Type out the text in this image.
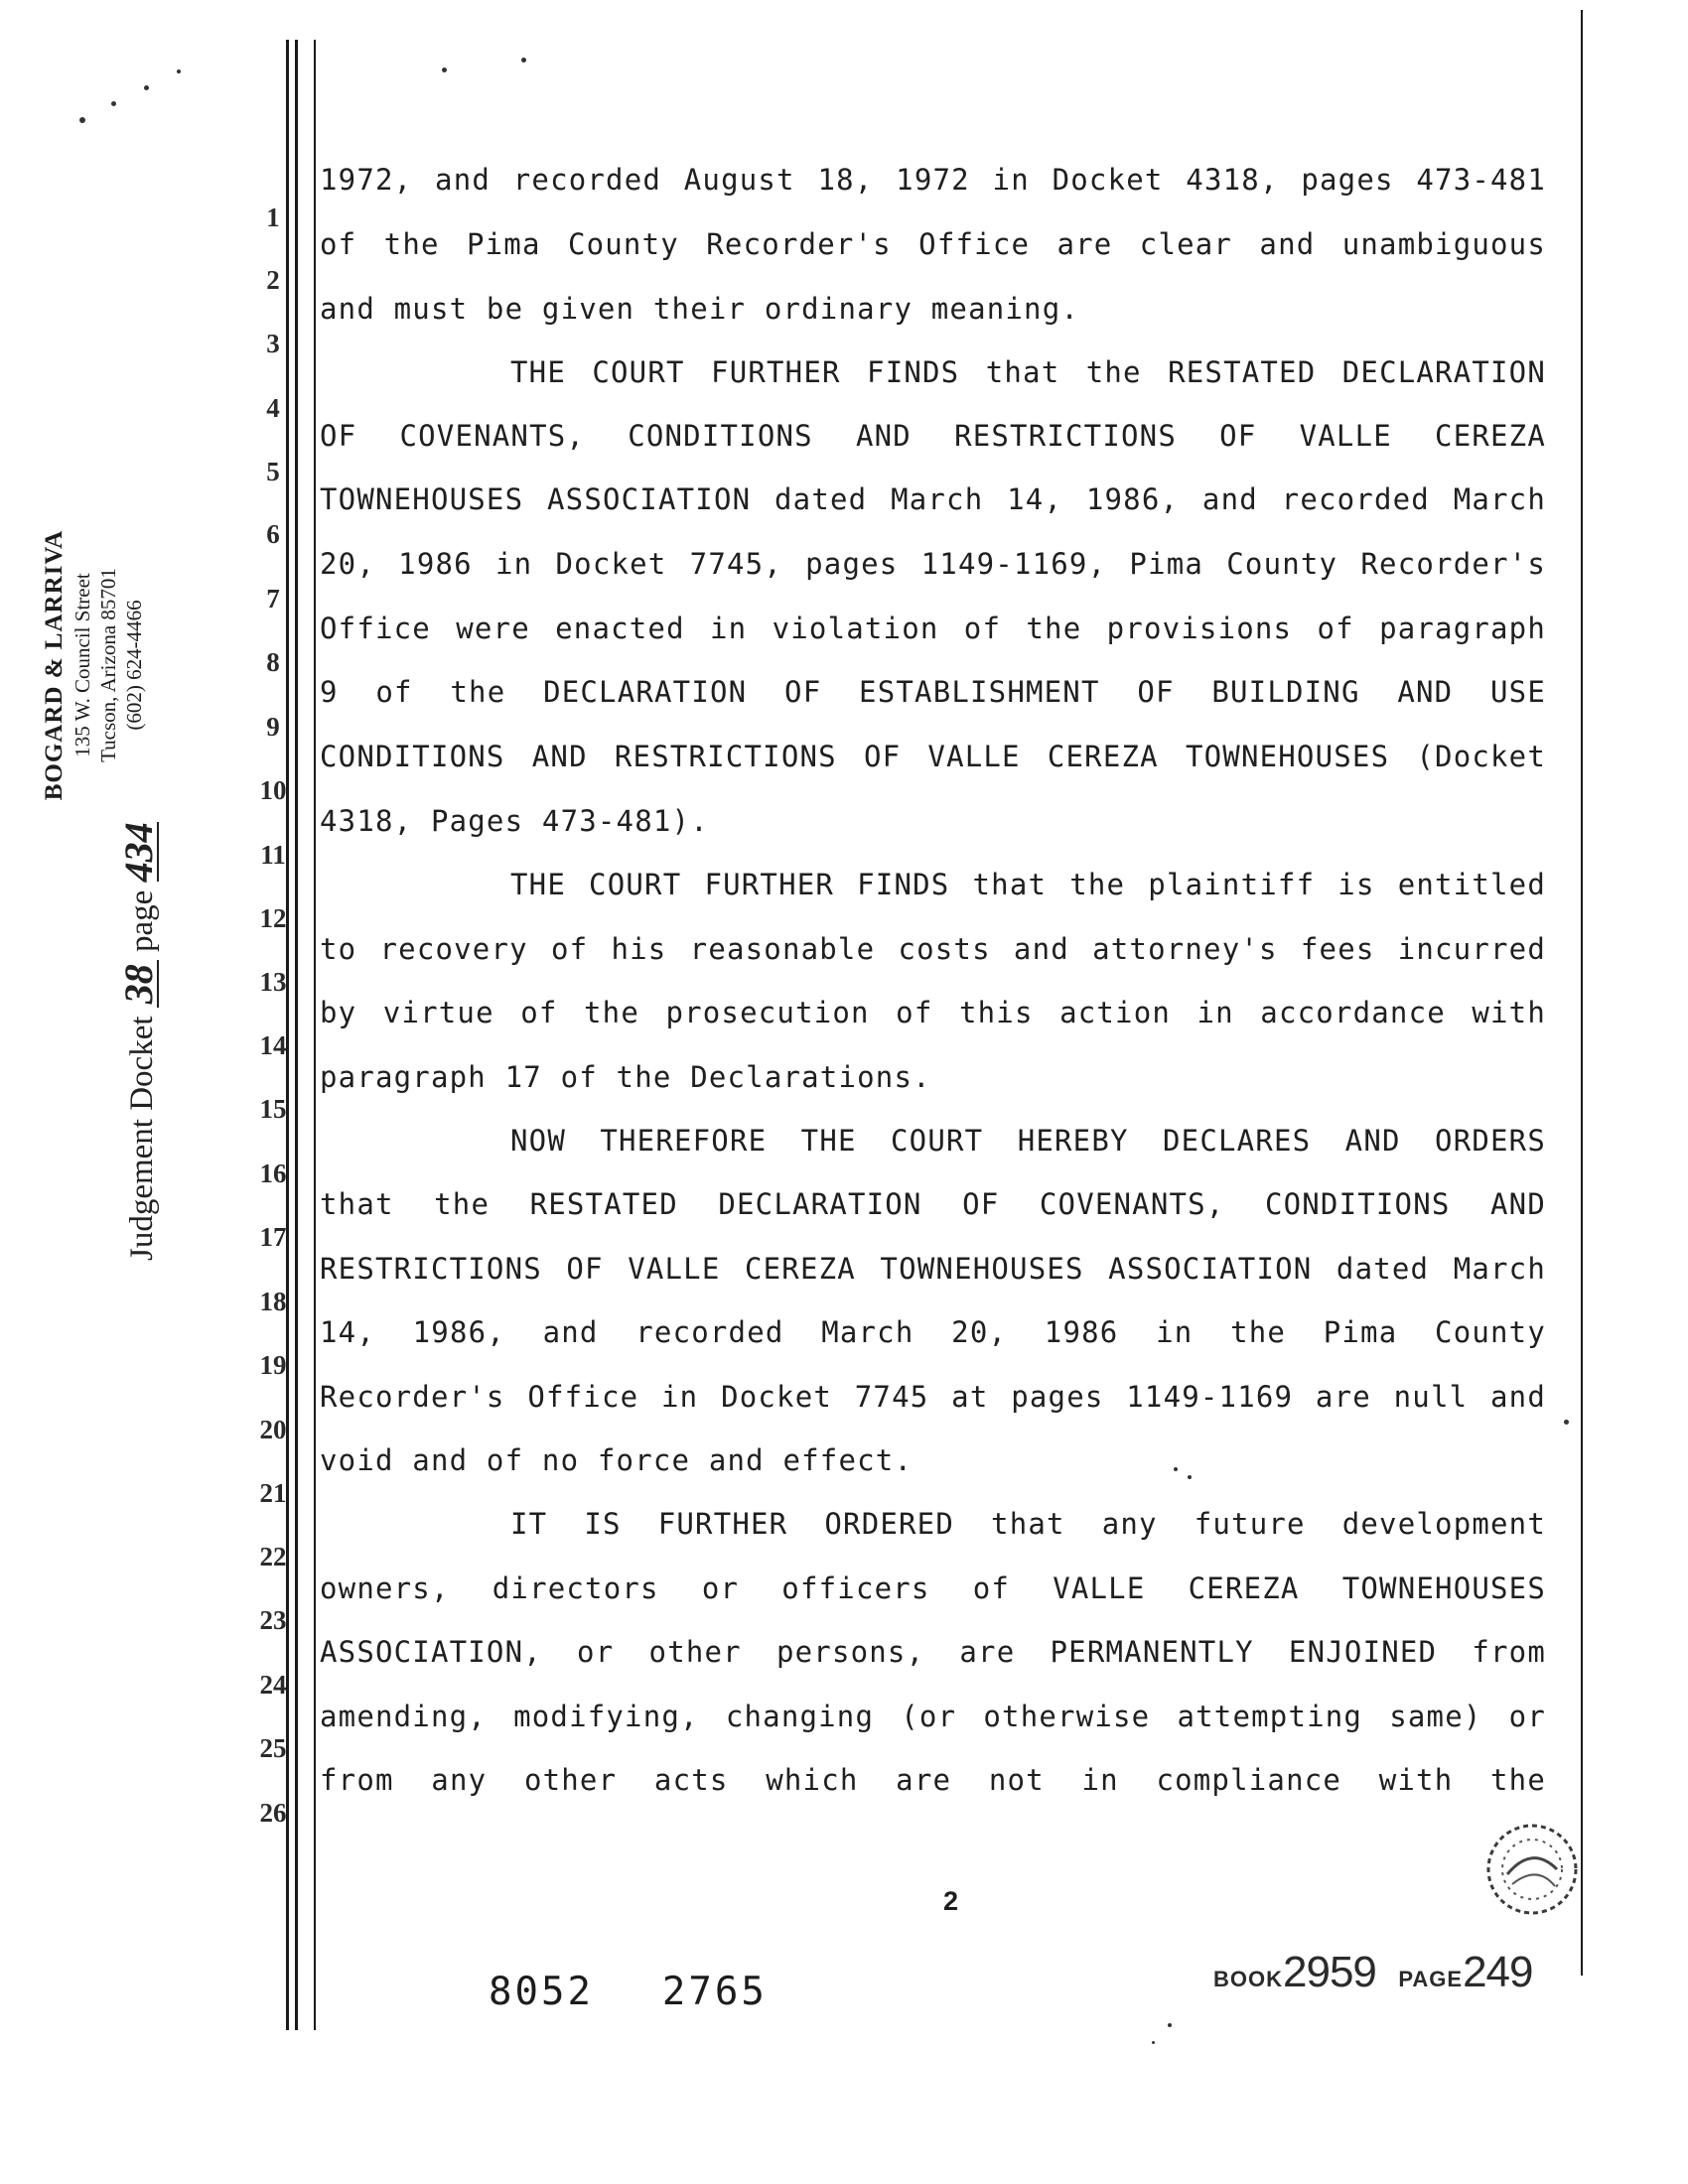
1
2
3
4
5
6
7
8
9
10
11
12
13
14
15
16
17
18
19
20
21
22
23
24
25
26
1972, and recorded August 18, 1972 in Docket 4318, pages 473-481
of the Pima County Recorder's Office are clear and unambiguous
and must be given their ordinary meaning.
THE COURT FURTHER FINDS that the RESTATED DECLARATION
OF COVENANTS, CONDITIONS AND RESTRICTIONS OF VALLE CEREZA
TOWNEHOUSES ASSOCIATION dated March 14, 1986, and recorded March
20, 1986 in Docket 7745, pages 1149-1169, Pima County Recorder's
Office were enacted in violation of the provisions of paragraph
9 of the DECLARATION OF ESTABLISHMENT OF BUILDING AND USE
CONDITIONS AND RESTRICTIONS OF VALLE CEREZA TOWNEHOUSES (Docket
4318, Pages 473-481).
THE COURT FURTHER FINDS that the plaintiff is entitled
to recovery of his reasonable costs and attorney's fees incurred
by virtue of the prosecution of this action in accordance with
paragraph 17 of the Declarations.
NOW THEREFORE THE COURT HEREBY DECLARES AND ORDERS
that the RESTATED DECLARATION OF COVENANTS, CONDITIONS AND
RESTRICTIONS OF VALLE CEREZA TOWNEHOUSES ASSOCIATION dated March
14, 1986, and recorded March 20, 1986 in the Pima County
Recorder's Office in Docket 7745 at pages 1149-1169 are null and
void and of no force and effect.
IT IS FURTHER ORDERED that any future development
owners, directors or officers of VALLE CEREZA TOWNEHOUSES
ASSOCIATION, or other persons, are PERMANENTLY ENJOINED from
amending, modifying, changing (or otherwise attempting same) or
from any other acts which are not in compliance with the
BOGARD & LARRIVA 135 W. Council Street Tucson, Arizona 85701 (602) 624-4466
Judgement Docket 38 page 434
2
8052  2765	BOOK2959 PAGE249
